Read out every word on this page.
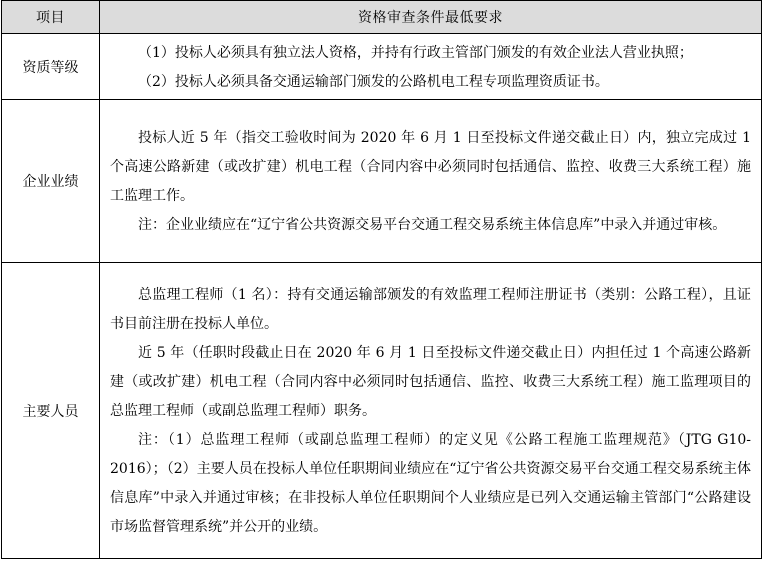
项目	资格审查条件最低要求
资质等级	（1）投标人必须具有独立法人资格，并持有行政主管部门颁发的有效企业法人营业执照；

（2）投标人必须具备交通运输部门颁发的公路机电工程专项监理资质证书。

企业业绩	投标人近 5 年（指交工验收时间为 2020 年 6 月 1 日至投标文件递交截止日）内，独立完成过 1 个高速公路新建（或改扩建）机电工程（合同内容中必须同时包括通信、监控、收费三大系统工程）施工监理工作。

注：企业业绩应在“辽宁省公共资源交易平台交通工程交易系统主体信息库”中录入并通过审核。

主要人员	总监理工程师（1 名）：持有交通运输部颁发的有效监理工程师注册证书（类别：公路工程），且证书目前注册在投标人单位。

近 5 年（任职时段截止日在 2020 年 6 月 1 日至投标文件递交截止日）内担任过 1 个高速公路新建（或改扩建）机电工程（合同内容中必须同时包括通信、监控、收费三大系统工程）施工监理项目的总监理工程师（或副总监理工程师）职务。

注：（1）总监理工程师（或副总监理工程师）的定义见《公路工程施工监理规范》（JTG G10-2016）；（2）主要人员在投标人单位任职期间业绩应在“辽宁省公共资源交易平台交通工程交易系统主体信息库”中录入并通过审核；在非投标人单位任职期间个人业绩应是已列入交通运输主管部门“公路建设市场监督管理系统”并公开的业绩。
